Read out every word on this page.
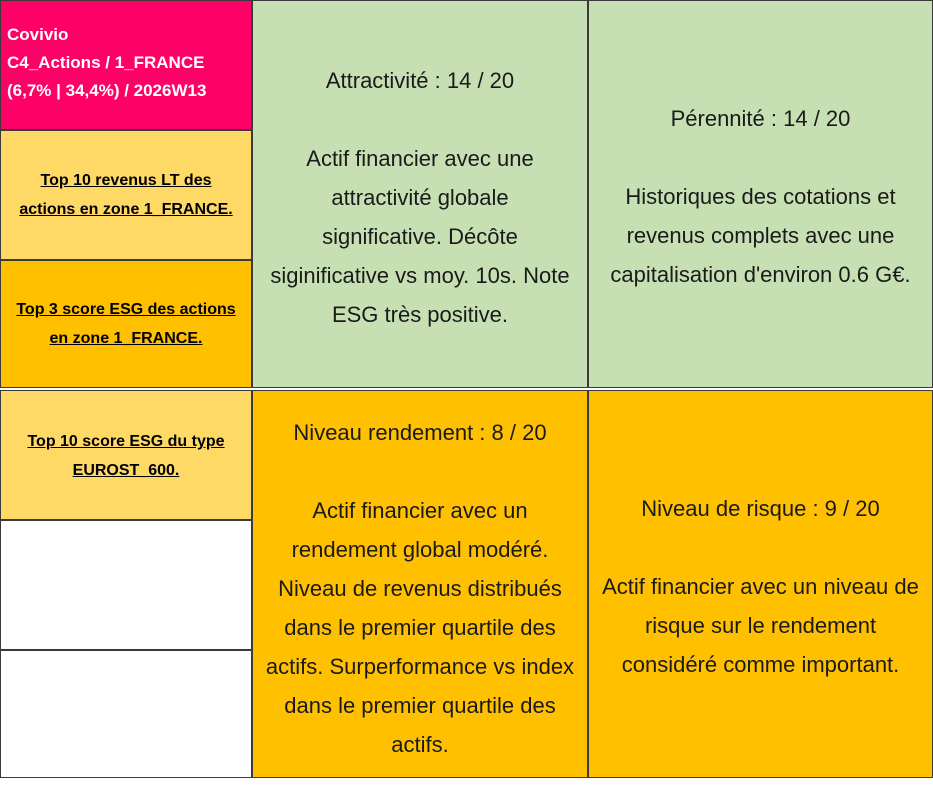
Covivio
C4_Actions / 1_FRANCE
(6,7% | 34,4%) / 2026W13
Top 10 revenus LT des
actions en zone 1_FRANCE.
Top 3 score ESG des actions
en zone 1_FRANCE.
Top 10 score ESG du type
EUROST_600.
Attractivité : 14 / 20

Actif financier avec une
attractivité globale
significative. Décôte
siginificative vs moy. 10s. Note
ESG très positive.

Pérennité : 14 / 20

Historiques des cotations et
revenus complets avec une
capitalisation d'environ 0.6 G€.

Niveau rendement : 8 / 20

Actif financier avec un
rendement global modéré.
Niveau de revenus distribués
dans le premier quartile des
actifs. Surperformance vs index
dans le premier quartile des
actifs.

Niveau de risque : 9 / 20

Actif financier avec un niveau de
risque sur le rendement
considéré comme important.
